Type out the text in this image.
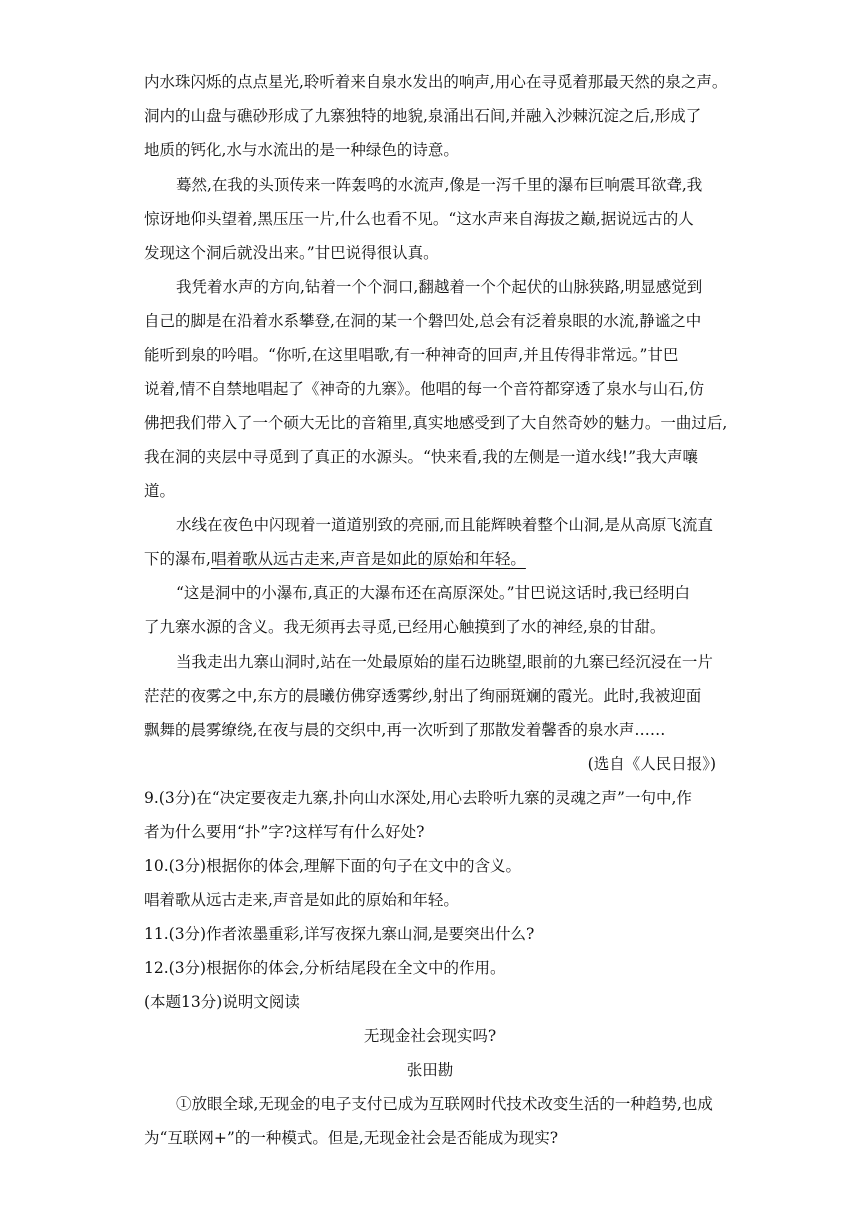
内水珠闪烁的点点星光,聆听着来自泉水发出的响声,用心在寻觅着那最天然的泉之声。
洞内的山盘与礁砂形成了九寨独特的地貌,泉涌出石间,并融入沙棘沉淀之后,形成了
地质的钙化,水与水流出的是一种绿色的诗意。
蓦然,在我的头顶传来一阵轰鸣的水流声,像是一泻千里的瀑布巨响震耳欲聋,我
惊讶地仰头望着,黑压压一片,什么也看不见。“这水声来自海拔之巅,据说远古的人
发现这个洞后就没出来。”甘巴说得很认真。
我凭着水声的方向,钻着一个个洞口,翻越着一个个起伏的山脉狭路,明显感觉到
自己的脚是在沿着水系攀登,在洞的某一个磐凹处,总会有泛着泉眼的水流,静谧之中
能听到泉的吟唱。“你听,在这里唱歌,有一种神奇的回声,并且传得非常远。”甘巴
说着,情不自禁地唱起了《神奇的九寨》。他唱的每一个音符都穿透了泉水与山石,仿
佛把我们带入了一个硕大无比的音箱里,真实地感受到了大自然奇妙的魅力。一曲过后,
我在洞的夹层中寻觅到了真正的水源头。“快来看,我的左侧是一道水线!”我大声嚷
道。
水线在夜色中闪现着一道道别致的亮丽,而且能辉映着整个山洞,是从高原飞流直
下的瀑布,唱着歌从远古走来,声音是如此的原始和年轻。
“这是洞中的小瀑布,真正的大瀑布还在高原深处。”甘巴说这话时,我已经明白
了九寨水源的含义。我无须再去寻觅,已经用心触摸到了水的神经,泉的甘甜。
当我走出九寨山洞时,站在一处最原始的崖石边眺望,眼前的九寨已经沉浸在一片
茫茫的夜雾之中,东方的晨曦仿佛穿透雾纱,射出了绚丽斑斓的霞光。此时,我被迎面
飘舞的晨雾缭绕,在夜与晨的交织中,再一次听到了那散发着馨香的泉水声……
(选自《人民日报》)
9.(3分)在“决定要夜走九寨,扑向山水深处,用心去聆听九寨的灵魂之声”一句中,作
者为什么要用“扑”字?这样写有什么好处?
10.(3分)根据你的体会,理解下面的句子在文中的含义。
唱着歌从远古走来,声音是如此的原始和年轻。
11.(3分)作者浓墨重彩,详写夜探九寨山洞,是要突出什么?
12.(3分)根据你的体会,分析结尾段在全文中的作用。
(本题13分)说明文阅读
无现金社会现实吗?
张田勘
①放眼全球,无现金的电子支付已成为互联网时代技术改变生活的一种趋势,也成
为“互联网+”的一种模式。但是,无现金社会是否能成为现实?
